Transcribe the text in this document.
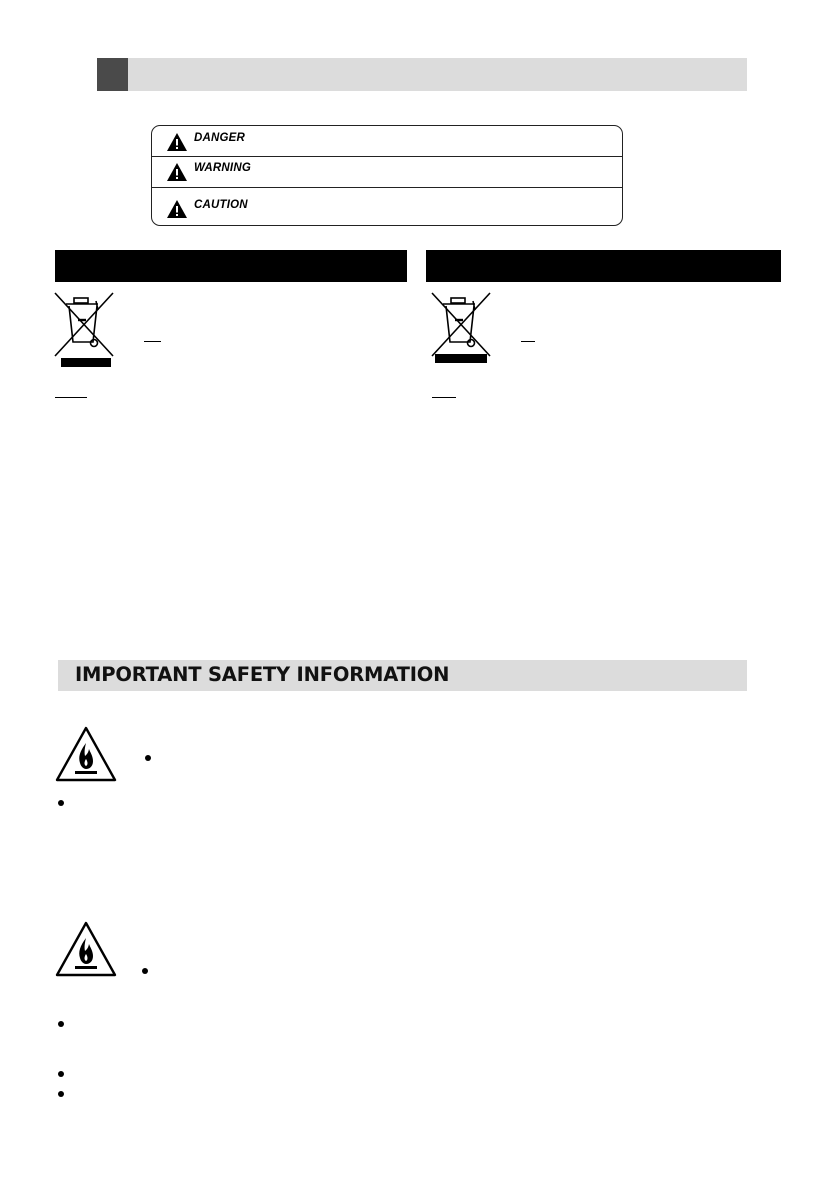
DANGER
WARNING
CAUTION
IMPORTANT SAFETY INFORMATION
